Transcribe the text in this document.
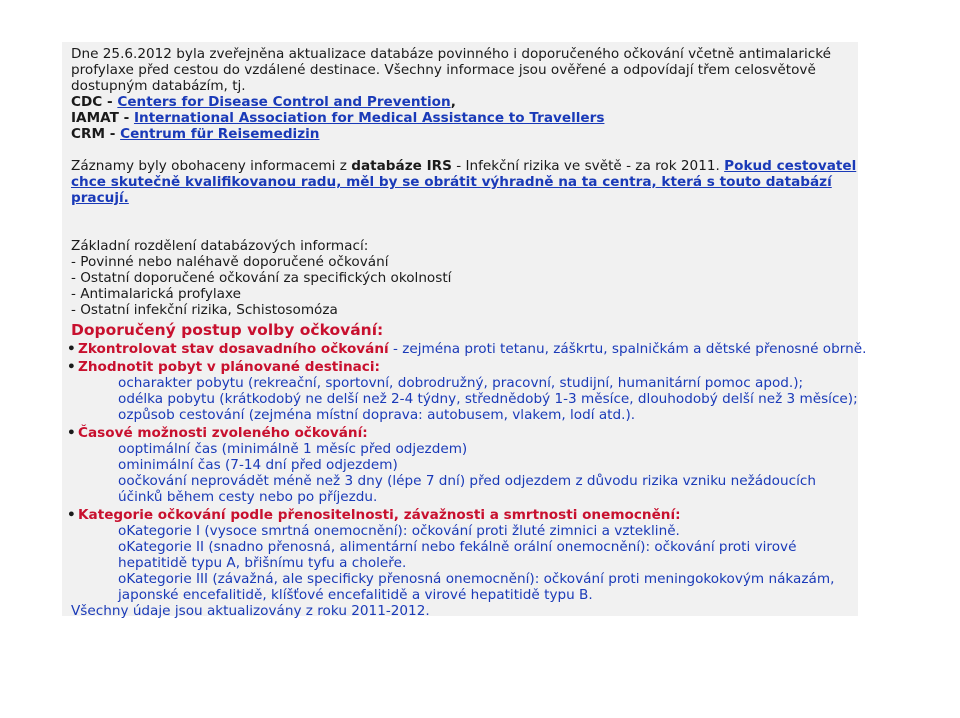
Dne 25.6.2012 byla zveřejněna aktualizace databáze povinného i doporučeného očkování včetně antimalarické
profylaxe před cestou do vzdálené destinace. Všechny informace jsou ověřené a odpovídají třem celosvětově
dostupným databázím, tj.
CDC - Centers for Disease Control and Prevention,
IAMAT - International Association for Medical Assistance to Travellers
CRM - Centrum für Reisemedizin
Záznamy byly obohaceny informacemi z databáze IRS - Infekční rizika ve světě - za rok 2011. Pokud cestovatel
chce skutečně kvalifikovanou radu, měl by se obrátit výhradně na ta centra, která s touto databází
pracují.
Základní rozdělení databázových informací:
- Povinné nebo naléhavě doporučené očkování
- Ostatní doporučené očkování za specifických okolností
- Antimalarická profylaxe
- Ostatní infekční rizika, Schistosomóza
Doporučený postup volby očkování:
• Zkontrolovat stav dosavadního očkování - zejména proti tetanu, záškrtu, spalničkám a dětské přenosné obrně.
• Zhodnotit pobyt v plánované destinaci:
ocharakter pobytu (rekreační, sportovní, dobrodružný, pracovní, studijní, humanitární pomoc apod.);
odélka pobytu (krátkodobý ne delší než 2-4 týdny, střednědobý 1-3 měsíce, dlouhodobý delší než 3 měsíce);
ozpůsob cestování (zejména místní doprava: autobusem, vlakem, lodí atd.).
• Časové možnosti zvoleného očkování:
ooptimální čas (minimálně 1 měsíc před odjezdem)
ominimální čas (7-14 dní před odjezdem)
oočkování neprovádět méně než 3 dny (lépe 7 dní) před odjezdem z důvodu rizika vzniku nežádoucích účinků během cesty nebo po příjezdu.
• Kategorie očkování podle přenositelnosti, závažnosti a smrtnosti onemocnění:
oKategorie I (vysoce smrtná onemocnění): očkování proti žluté zimnici a vzteklině.
oKategorie II (snadno přenosná, alimentární nebo fekálně orální onemocnění): očkování proti virové hepatitidě typu A, břišnímu tyfu a choleře.
oKategorie III (závažná, ale specificky přenosná onemocnění): očkování proti meningokokovým nákazám, japonské encefalitidě, klíšťové encefalitidě a virové hepatitidě typu B.
Všechny údaje jsou aktualizovány z roku 2011-2012.
